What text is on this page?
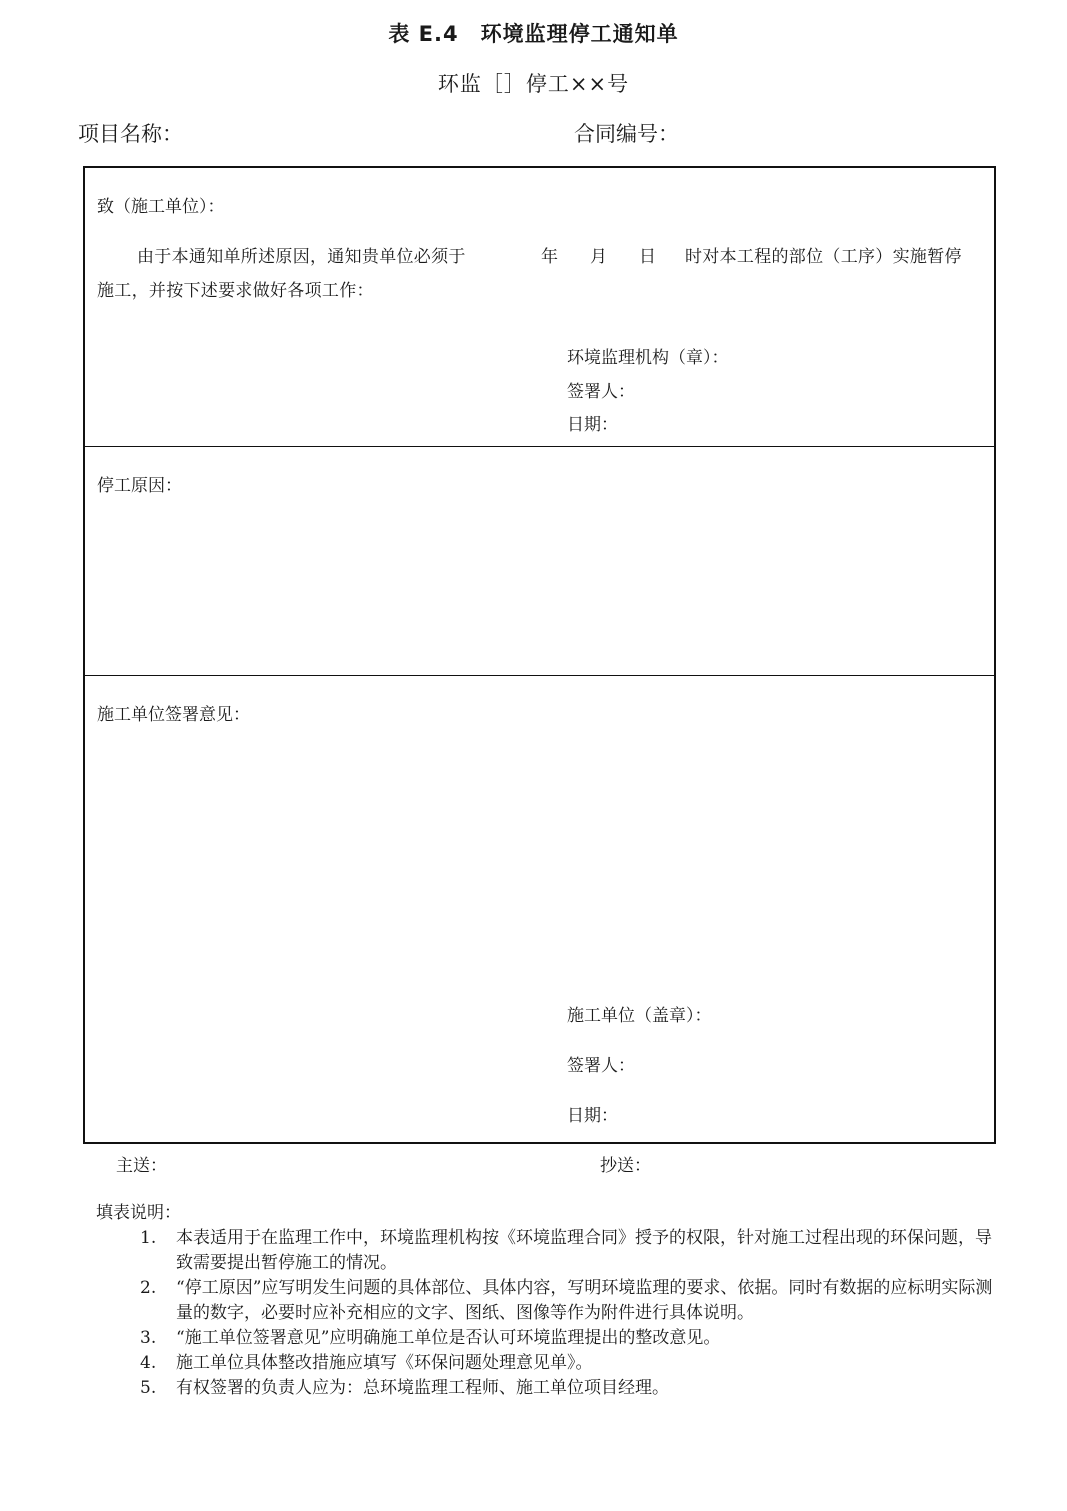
表 E.4　环境监理停工通知单
环监［］停工××号
项目名称：	合同编号：
致（施工单位）：
由于本通知单所述原因，通知贵单位必须于	年 月 日 时对本工程的部位（工序）实施暂停
施工，并按下述要求做好各项工作：
环境监理机构（章）：
签署人：
日期：
停工原因：
施工单位签署意见：
施工单位（盖章）：
签署人：
日期：
主送：	抄送：
填表说明：
1. 本表适用于在监理工作中，环境监理机构按《环境监理合同》授予的权限，针对施工过程出现的环保问题，导致需要提出暂停施工的情况。
2. “停工原因”应写明发生问题的具体部位、具体内容，写明环境监理的要求、依据。同时有数据的应标明实际测量的数字，必要时应补充相应的文字、图纸、图像等作为附件进行具体说明。
3. “施工单位签署意见”应明确施工单位是否认可环境监理提出的整改意见。
4. 施工单位具体整改措施应填写《环保问题处理意见单》。
5. 有权签署的负责人应为：总环境监理工程师、施工单位项目经理。
